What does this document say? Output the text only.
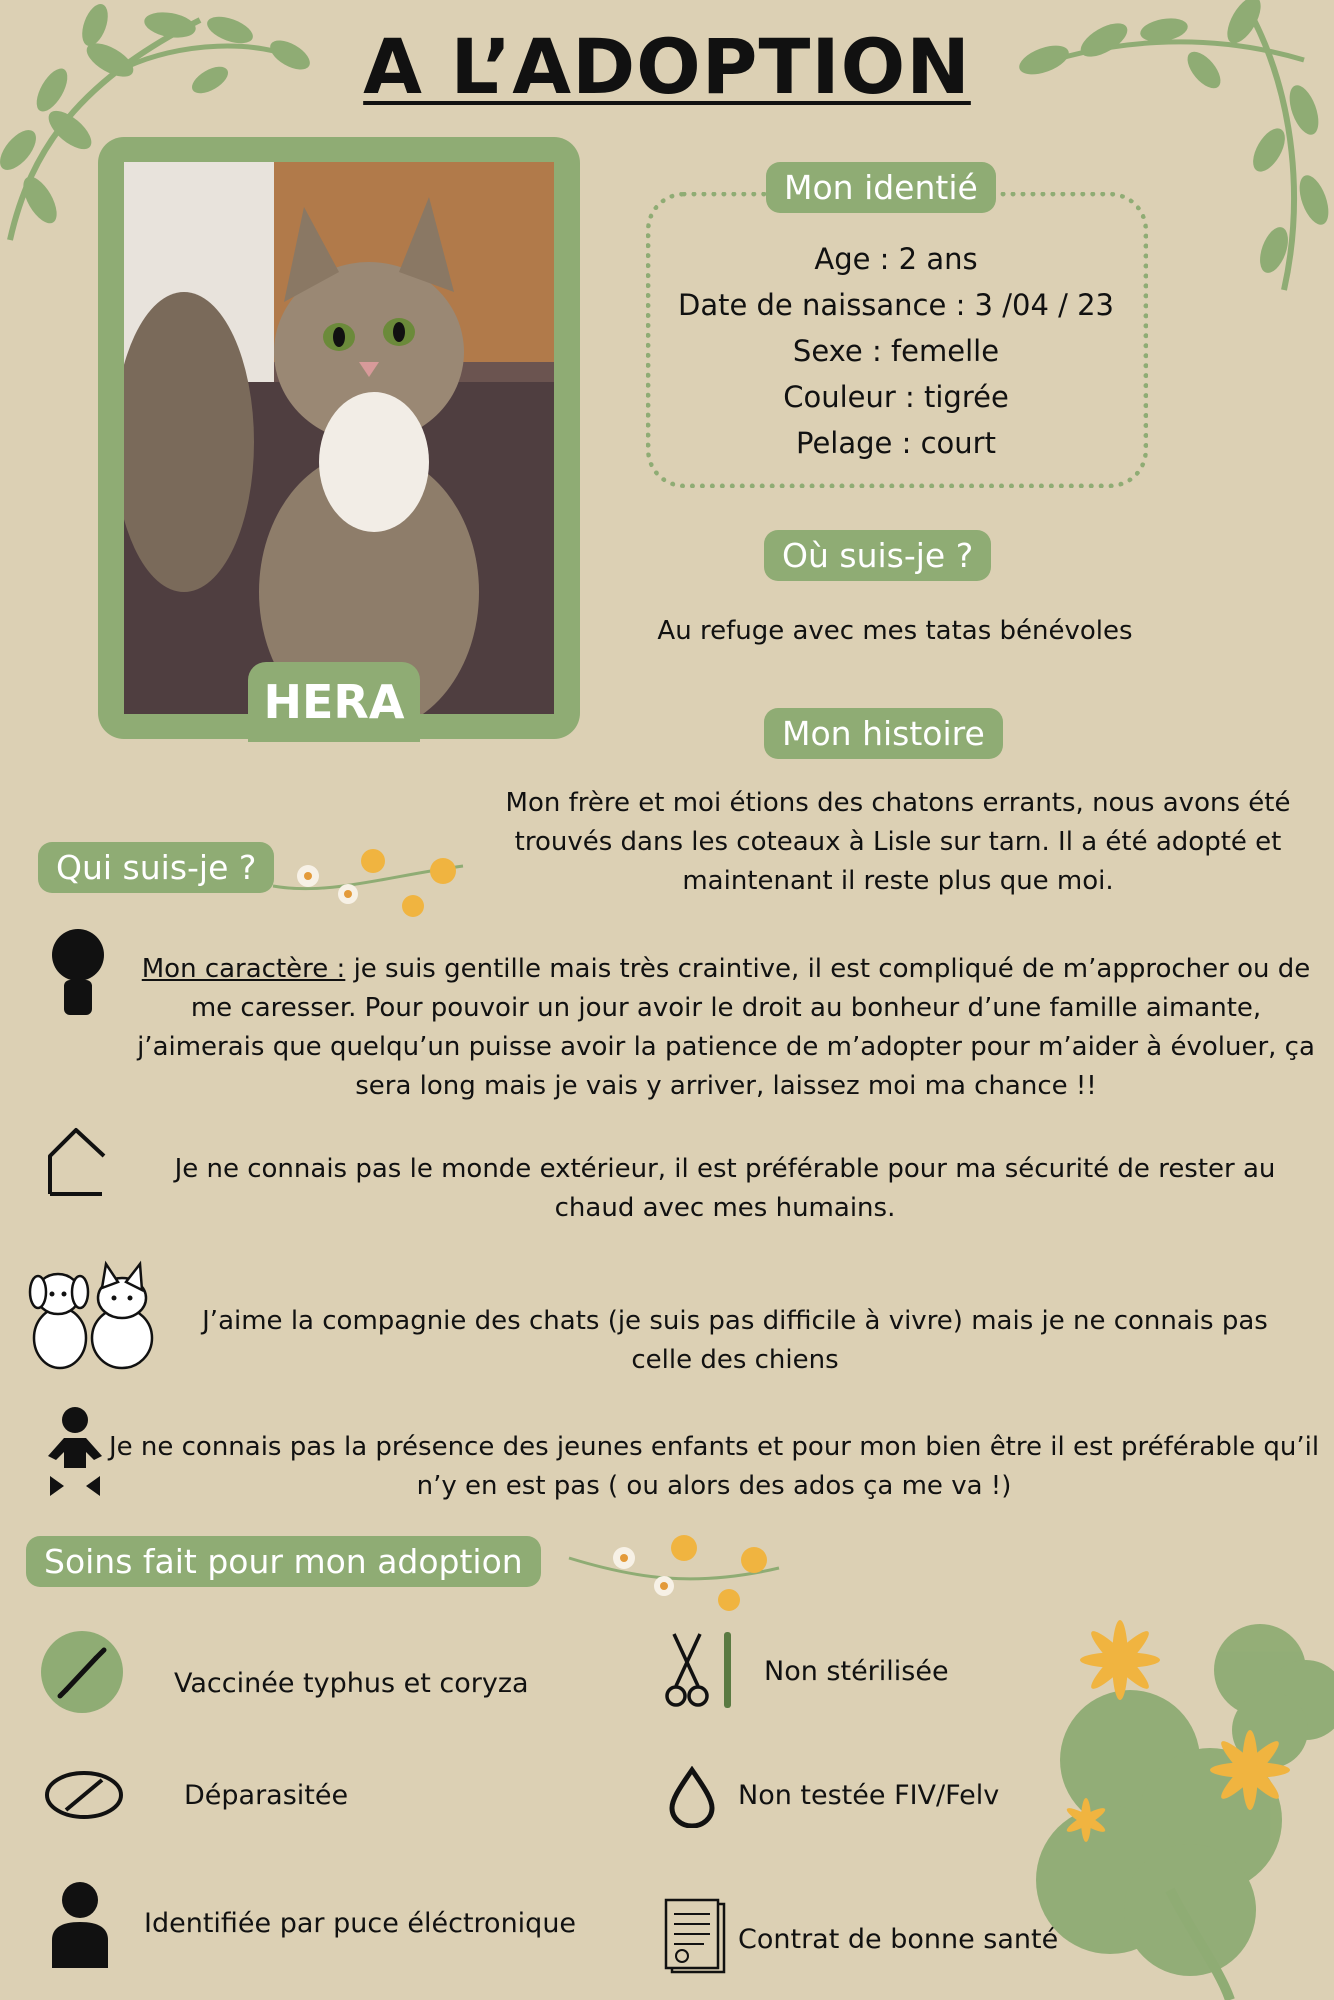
A L’ADOPTION
HERA
Mon identié
Age : 2 ans
Date de naissance : 3 /04 / 23
Sexe : femelle
Couleur : tigrée
Pelage : court
Où suis-je ?
Au refuge avec mes tatas bénévoles
Mon histoire
Mon frère et moi étions des chatons errants, nous avons été trouvés dans les coteaux à Lisle sur tarn. Il a été adopté et maintenant il reste plus que moi.
Qui suis-je ?
Mon caractère : je suis gentille mais très craintive, il est compliqué de m’approcher ou de me caresser. Pour pouvoir un jour avoir le droit au bonheur d’une famille aimante, j’aimerais que quelqu’un puisse avoir la patience de m’adopter pour m’aider à évoluer, ça sera long mais je vais y arriver, laissez moi ma chance !!
Je ne connais pas le monde extérieur, il est préférable pour ma sécurité de rester au chaud avec mes humains.
J’aime la compagnie des chats (je suis pas difficile à vivre) mais je ne connais pas celle des chiens
Je ne connais pas la présence des jeunes enfants et pour mon bien être il est préférable qu’il n’y en est pas ( ou alors des ados ça me va !)
Soins fait pour mon adoption
Vaccinée typhus et coryza	Non stérilisée
Déparasitée	Non testée FIV/Felv
Identifiée par puce éléctronique
Contrat de bonne santé
